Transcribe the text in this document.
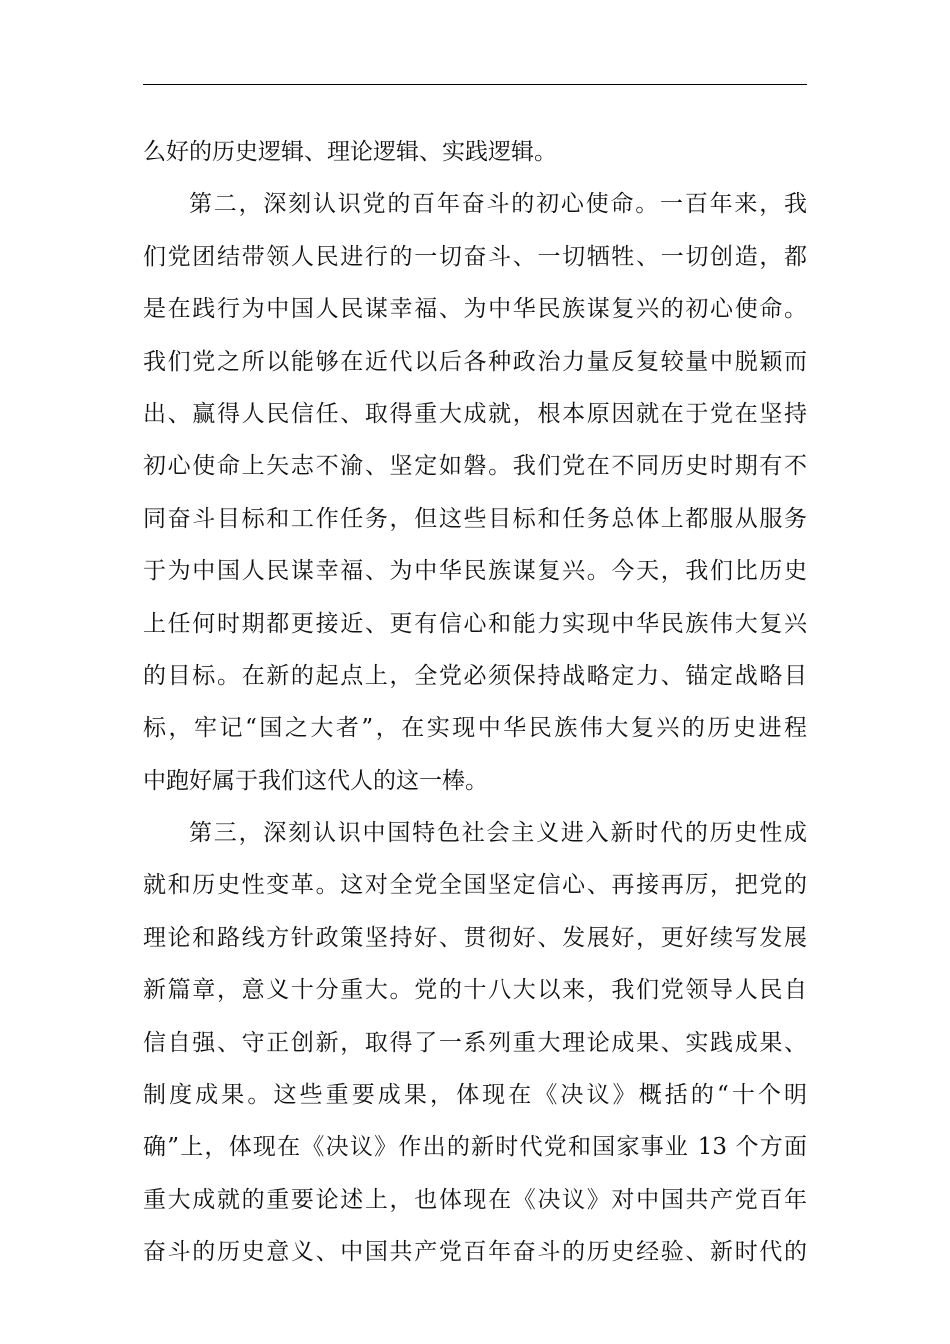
么好的历史逻辑、理论逻辑、实践逻辑。
第二，深刻认识党的百年奋斗的初心使命。一百年来，我
们党团结带领人民进行的一切奋斗、一切牺牲、一切创造，都
是在践行为中国人民谋幸福、为中华民族谋复兴的初心使命。
我们党之所以能够在近代以后各种政治力量反复较量中脱颖而
出、赢得人民信任、取得重大成就，根本原因就在于党在坚持
初心使命上矢志不渝、坚定如磐。我们党在不同历史时期有不
同奋斗目标和工作任务，但这些目标和任务总体上都服从服务
于为中国人民谋幸福、为中华民族谋复兴。今天，我们比历史
上任何时期都更接近、更有信心和能力实现中华民族伟大复兴
的目标。在新的起点上，全党必须保持战略定力、锚定战略目
标，牢记“国之大者”，在实现中华民族伟大复兴的历史进程
中跑好属于我们这代人的这一棒。
第三，深刻认识中国特色社会主义进入新时代的历史性成
就和历史性变革。这对全党全国坚定信心、再接再厉，把党的
理论和路线方针政策坚持好、贯彻好、发展好，更好续写发展
新篇章，意义十分重大。党的十八大以来，我们党领导人民自
信自强、守正创新，取得了一系列重大理论成果、实践成果、
制度成果。这些重要成果，体现在《决议》概括的“十个明
确”上，体现在《决议》作出的新时代党和国家事业 13 个方面
重大成就的重要论述上，也体现在《决议》对中国共产党百年
奋斗的历史意义、中国共产党百年奋斗的历史经验、新时代的
